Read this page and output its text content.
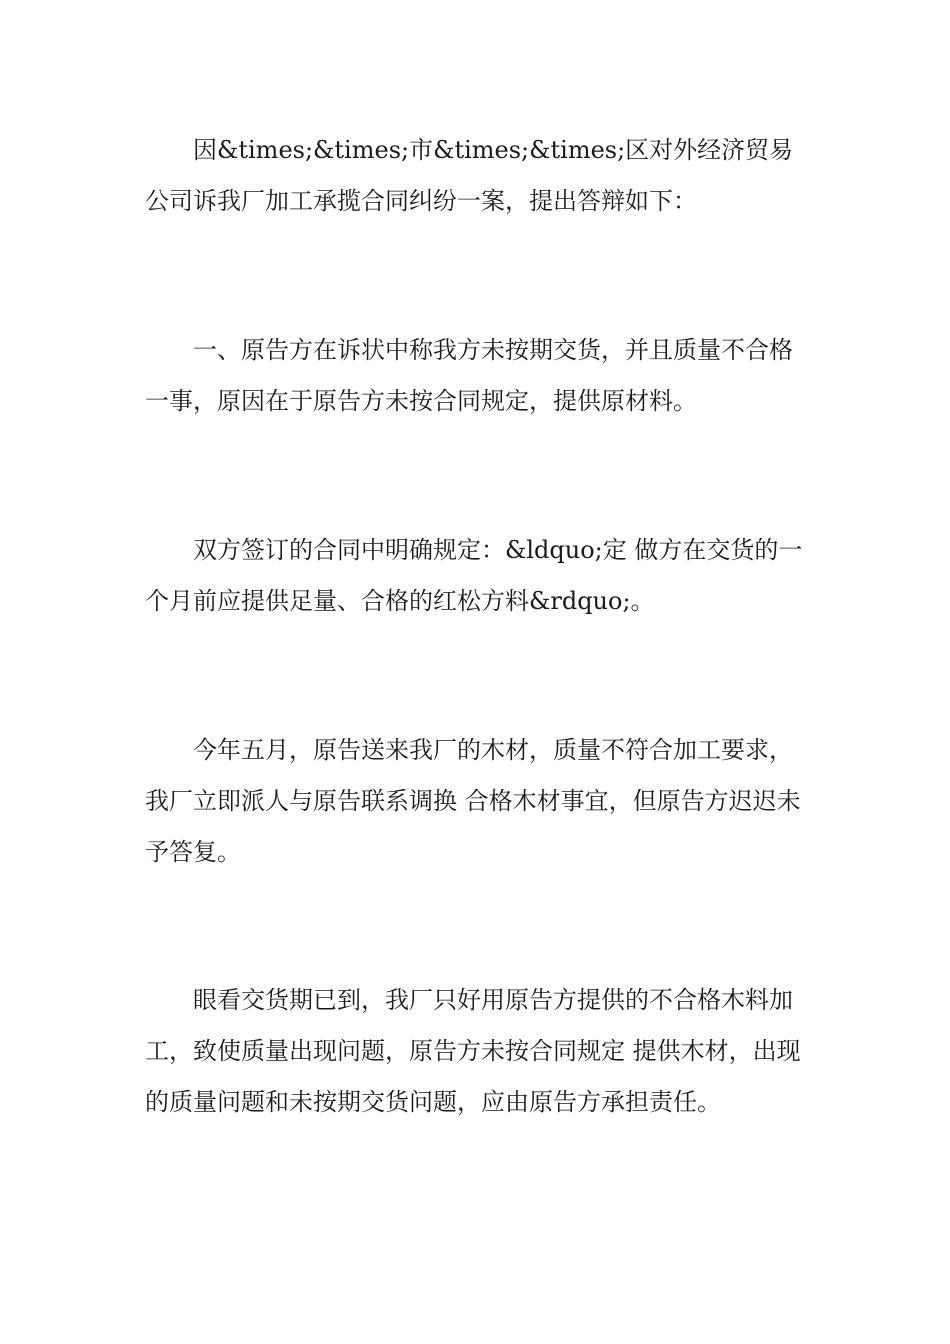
因&times;&times;市&times;&times;区对外经济贸易公司诉我厂加工承揽合同纠纷一案，提出答辩如下：

一、原告方在诉状中称我方未按期交货，并且质量不合格一事，原因在于原告方未按合同规定，提供原材料。

双方签订的合同中明确规定：&ldquo;定 做方在交货的一个月前应提供足量、合格的红松方料&rdquo;。

今年五月，原告送来我厂的木材，质量不符合加工要求，我厂立即派人与原告联系调换 合格木材事宜，但原告方迟迟未予答复。

眼看交货期已到，我厂只好用原告方提供的不合格木料加工，致使质量出现问题，原告方未按合同规定 提供木材，出现的质量问题和未按期交货问题，应由原告方承担责任。
